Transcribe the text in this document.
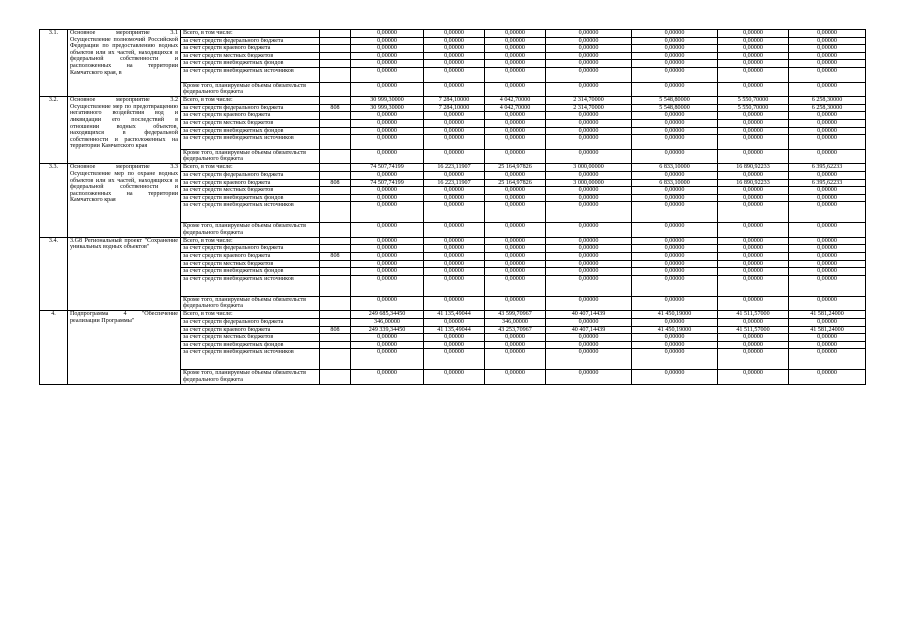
3.1.	Основное мероприятие 3.1 Осуществление полномочий Российской Федерации по предоставлению водных объектов или их частей, находящихся в федеральной собственности и расположенных на территории Камчатского края, в	Всего, в том числе:		0,00000	0,00000	0,00000	0,00000	0,00000	0,00000	0,00000
		за счет средств федерального бюджета		0,00000	0,00000	0,00000	0,00000	0,00000	0,00000	0,00000
		за счет средств краевого бюджета		0,00000	0,00000	0,00000	0,00000	0,00000	0,00000	0,00000
		за счет средств местных бюджетов		0,00000	0,00000	0,00000	0,00000	0,00000	0,00000	0,00000
		за счет средств внебюджетных фондов		0,00000	0,00000	0,00000	0,00000	0,00000	0,00000	0,00000
		за счет средств внебюджетных источников		0,00000	0,00000	0,00000	0,00000	0,00000	0,00000	0,00000
		Кроме того, планируемые объемы обязательств федерального бюджета		0,00000	0,00000	0,00000	0,00000	0,00000	0,00000	0,00000
3.2.	Основное мероприятие 3.2 Осуществление мер по предотвращению негативного воздействия вод и ликвидации его последствий в отношении водных объектов, находящихся в федеральной собственности и расположенных на территории Камчатского края	Всего, в том числе:		30 999,30000	7 284,10000	4 042,70000	2 314,70000	5 548,80000	5 550,70000	6 258,30000
		за счет средств федерального бюджета	808	30 999,30000	7 284,10000	4 042,70000	2 314,70000	5 548,80000	5 550,70000	6 258,30000
		за счет средств краевого бюджета		0,00000	0,00000	0,00000	0,00000	0,00000	0,00000	0,00000
		за счет средств местных бюджетов		0,00000	0,00000	0,00000	0,00000	0,00000	0,00000	0,00000
		за счет средств внебюджетных фондов		0,00000	0,00000	0,00000	0,00000	0,00000	0,00000	0,00000
		за счет средств внебюджетных источников		0,00000	0,00000	0,00000	0,00000	0,00000	0,00000	0,00000
		Кроме того, планируемые объемы обязательств федерального бюджета		0,00000	0,00000	0,00000	0,00000	0,00000	0,00000	0,00000
3.3.	Основное мероприятие 3.3 Осуществление мер по охране водных объектов или их частей, находящихся в федеральной собственности и расположенных на территории Камчатского края	Всего, в том числе:		74 507,74199	16 223,11907	25 164,97826	3 000,00000	6 833,10000	16 890,92233	6 395,62233
		за счет средств федерального бюджета		0,00000	0,00000	0,00000	0,00000	0,00000	0,00000	0,00000
		за счет средств краевого бюджета	808	74 507,74199	16 223,11907	25 164,97826	3 000,00000	6 833,10000	16 890,92233	6 395,62233
		за счет средств местных бюджетов		0,00000	0,00000	0,00000	0,00000	0,00000	0,00000	0,00000
		за счет средств внебюджетных фондов		0,00000	0,00000	0,00000	0,00000	0,00000	0,00000	0,00000
		за счет средств внебюджетных источников		0,00000	0,00000	0,00000	0,00000	0,00000	0,00000	0,00000
		Кроме того, планируемые объемы обязательств федерального бюджета		0,00000	0,00000	0,00000	0,00000	0,00000	0,00000	0,00000
3.4.	3.G8 Региональный проект "Сохранение уникальных водных объектов"	Всего, в том числе:		0,00000	0,00000	0,00000	0,00000	0,00000	0,00000	0,00000
		за счет средств федерального бюджета		0,00000	0,00000	0,00000	0,00000	0,00000	0,00000	0,00000
		за счет средств краевого бюджета	808	0,00000	0,00000	0,00000	0,00000	0,00000	0,00000	0,00000
		за счет средств местных бюджетов		0,00000	0,00000	0,00000	0,00000	0,00000	0,00000	0,00000
		за счет средств внебюджетных фондов		0,00000	0,00000	0,00000	0,00000	0,00000	0,00000	0,00000
		за счет средств внебюджетных источников		0,00000	0,00000	0,00000	0,00000	0,00000	0,00000	0,00000
		Кроме того, планируемые объемы обязательств федерального бюджета		0,00000	0,00000	0,00000	0,00000	0,00000	0,00000	0,00000
4.	Подпрограмма 4 "Обеспечение реализации Программы"	Всего, в том числе:		249 685,34450	41 135,49044	43 599,70967	40 407,14439	41 450,19000	41 511,57000	41 581,24000
		за счет средств федерального бюджета		346,00000	0,00000	346,00000	0,00000	0,00000	0,00000	0,00000
		за счет средств краевого бюджета	808	249 339,34450	41 135,49044	43 253,70967	40 407,14439	41 450,19000	41 511,57000	41 581,24000
		за счет средств местных бюджетов		0,00000	0,00000	0,00000	0,00000	0,00000	0,00000	0,00000
		за счет средств внебюджетных фондов		0,00000	0,00000	0,00000	0,00000	0,00000	0,00000	0,00000
		за счет средств внебюджетных источников		0,00000	0,00000	0,00000	0,00000	0,00000	0,00000	0,00000
		Кроме того, планируемые объемы обязательств федерального бюджета		0,00000	0,00000	0,00000	0,00000	0,00000	0,00000	0,00000
